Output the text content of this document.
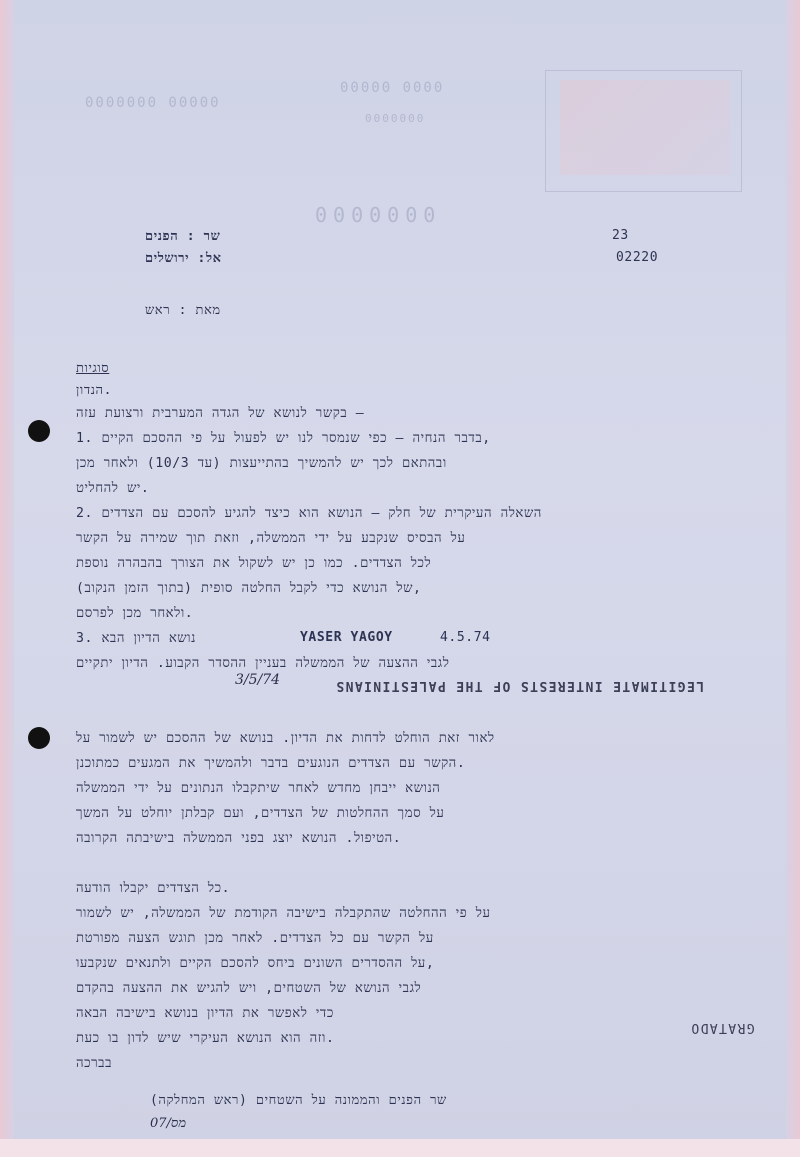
0000000 00000
00000 0000
0000000
0000000
שר : הפנים
אל: ירושלים
23
02220
מאת : ראש
סוגיות
הנדון.
בקשר לנושא של הגדה המערבית ורצועת עזה —
1. בדבר הנחיה — כפי שנמסר לנו יש לפעול על פי ההסכם הקיים,
ובהתאם לכך יש להמשיך בהתייעצות (עד 10/3) ולאחר מכן
יש להחליט.
2. השאלה העיקרית של חלק — הנושא הוא כיצד להגיע להסכם עם הצדדים
על הבסיס שנקבע על ידי הממשלה, וזאת תוך שמירה על הקשר
לכל הצדדים. כמו כן יש לשקול את הצורך בהבהרה נוספת
של הנושא כדי לקבל החלטה סופית (בתוך הזמן הנקוב),
ולאחר מכן לפרסם.
3. נושא הדיון הבא
לגבי ההצעה של הממשלה בעניין ההסדר הקבוע. הדיון יתקיים
לאור זאת הוחלט לדחות את הדיון. בנושא של ההסכם יש לשמור על
הקשר עם הצדדים הנוגעים בדבר ולהמשיך את המגעים כמתוכנן.
הנושא ייבחן מחדש לאחר שיתקבלו הנתונים על ידי הממשלה
על סמך ההחלטות של הצדדים, ועם קבלתן יוחלט על המשך
הטיפול. הנושא יוצג בפני הממשלה בישיבתה הקרובה.
כל הצדדים יקבלו הודעה.
על פי ההחלטה שהתקבלה בישיבה הקודמת של הממשלה, יש לשמור
על הקשר עם כל הצדדים. לאחר מכן תוגש הצעה מפורטת
על ההסדרים השונים ביחס להסכם הקיים ולתנאים שנקבעו,
לגבי הנושא של השטחים, ויש להגיש את ההצעה בהקדם
כדי לאפשר את הדיון בנושא בישיבה הבאה
וזה הוא הנושא העיקרי שיש לדון בו כעת.
בברכה
YASER YAGOY	4.5.74
3/5/74	LEGITIMATE INTERESTS OF THE PALESTINIANS
GRATADO
שר הפנים והממונה על השטחים (ראש המחלקה)
מס/07
